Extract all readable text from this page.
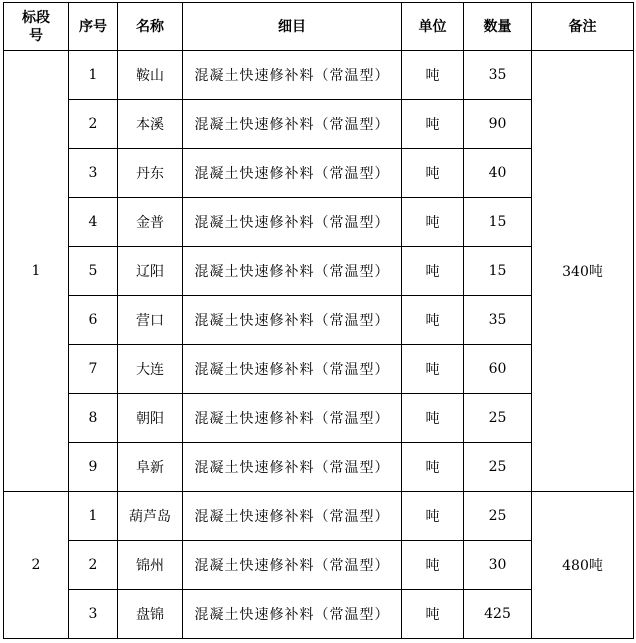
标段号	序号	名称	细目	单位	数量	备注
1	1	鞍山	混凝土快速修补料（常温型）	吨	35	340吨
	2	本溪	混凝土快速修补料（常温型）	吨	90	
	3	丹东	混凝土快速修补料（常温型）	吨	40	
	4	金普	混凝土快速修补料（常温型）	吨	15	
	5	辽阳	混凝土快速修补料（常温型）	吨	15	
	6	营口	混凝土快速修补料（常温型）	吨	35	
	7	大连	混凝土快速修补料（常温型）	吨	60	
	8	朝阳	混凝土快速修补料（常温型）	吨	25	
	9	阜新	混凝土快速修补料（常温型）	吨	25	
2	1	葫芦岛	混凝土快速修补料（常温型）	吨	25	480吨
	2	锦州	混凝土快速修补料（常温型）	吨	30	
	3	盘锦	混凝土快速修补料（常温型）	吨	425	
